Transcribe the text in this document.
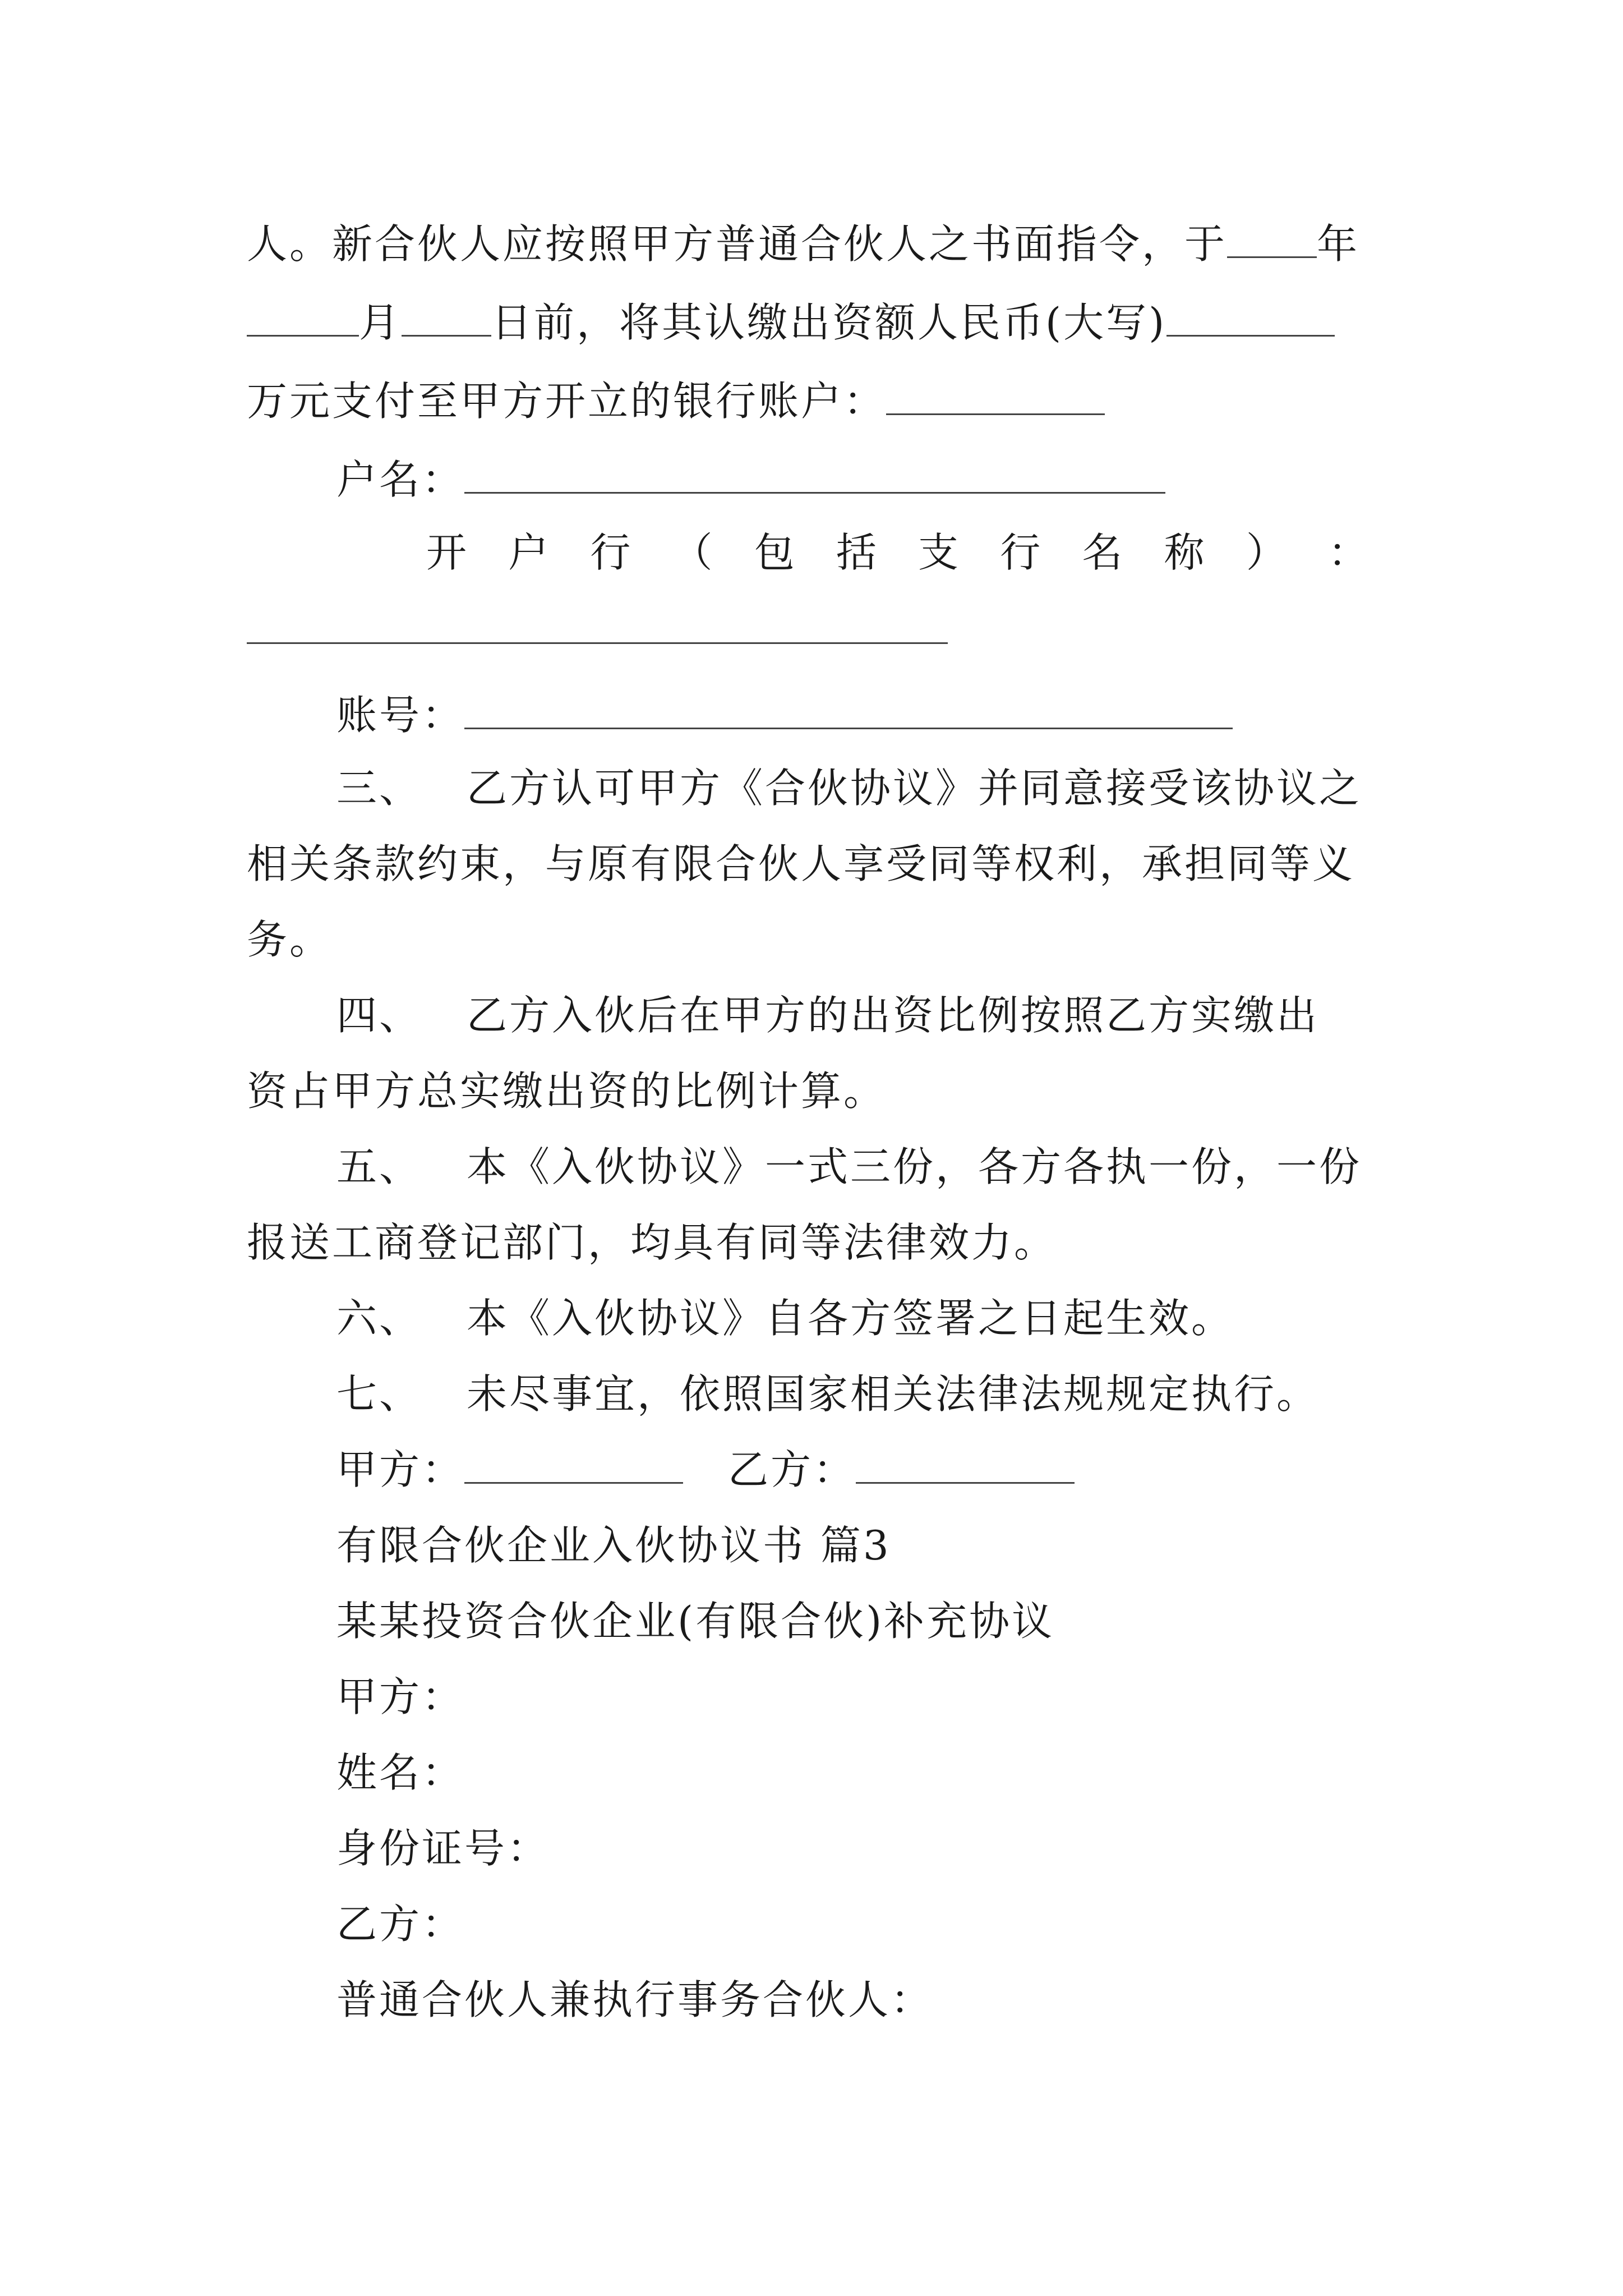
人。新合伙人应按照甲方普通合伙人之书面指令，于 年
月 日前，将其认缴出资额人民币(大写)
万元支付至甲方开立的银行账户：
户名：
开 户 行 （ 包 括 支 行 名 称 ） ：
账号：
三、 乙方认可甲方《合伙协议》并同意接受该协议之
相关条款约束，与原有限合伙人享受同等权利，承担同等义
务。
四、 乙方入伙后在甲方的出资比例按照乙方实缴出
资占甲方总实缴出资的比例计算。
五、 本《入伙协议》一式三份，各方各执一份，一份
报送工商登记部门，均具有同等法律效力。
六、 本《入伙协议》自各方签署之日起生效。
七、 未尽事宜，依照国家相关法律法规规定执行。
甲方：	乙方：
有限合伙企业入伙协议书 篇3
某某投资合伙企业(有限合伙)补充协议
甲方：
姓名：
身份证号：
乙方：
普通合伙人兼执行事务合伙人：
